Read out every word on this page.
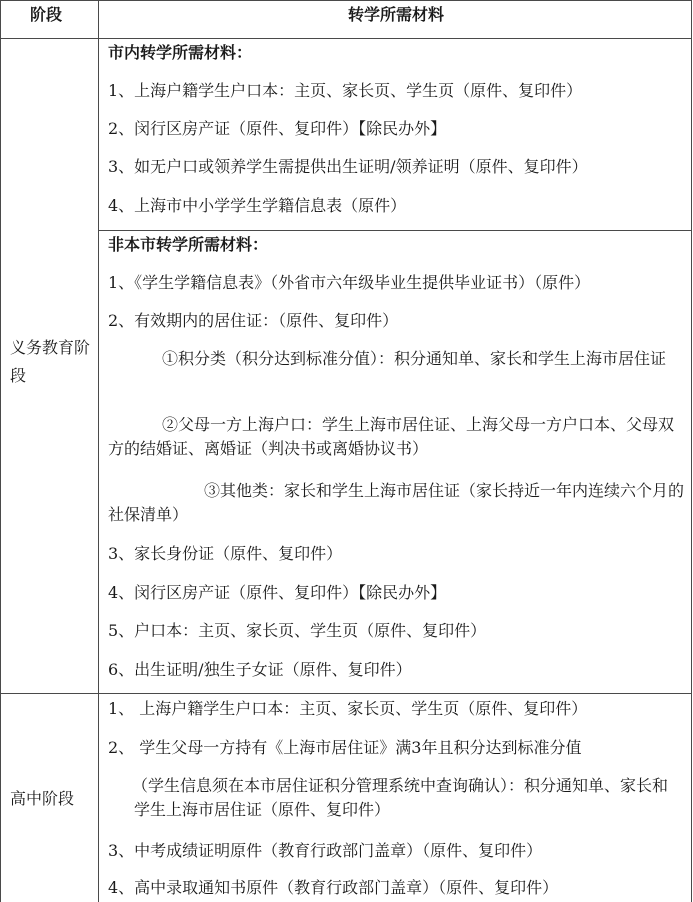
阶段	转学所需材料
义务教育阶段
市内转学所需材料：
1、上海户籍学生户口本：主页、家长页、学生页（原件、复印件）
2、闵行区房产证（原件、复印件）【除民办外】
3、如无户口或领养学生需提供出生证明/领养证明（原件、复印件）
4、上海市中小学学生学籍信息表（原件）
非本市转学所需材料：
1、《学生学籍信息表》（外省市六年级毕业生提供毕业证书）（原件）
2、有效期内的居住证：（原件、复印件）
①积分类（积分达到标准分值）：积分通知单、家长和学生上海市居住证
②父母一方上海户口：学生上海市居住证、上海父母一方户口本、父母双方的结婚证、离婚证（判决书或离婚协议书）
③其他类：家长和学生上海市居住证（家长持近一年内连续六个月的社保清单）
3、家长身份证（原件、复印件）
4、闵行区房产证（原件、复印件）【除民办外】
5、户口本：主页、家长页、学生页（原件、复印件）
6、出生证明/独生子女证（原件、复印件）
高中阶段
1、 上海户籍学生户口本：主页、家长页、学生页（原件、复印件）
2、 学生父母一方持有《上海市居住证》满3年且积分达到标准分值
（学生信息须在本市居住证积分管理系统中查询确认）：积分通知单、家长和学生上海市居住证（原件、复印件）
3、中考成绩证明原件（教育行政部门盖章）（原件、复印件）
4、高中录取通知书原件（教育行政部门盖章）（原件、复印件）
